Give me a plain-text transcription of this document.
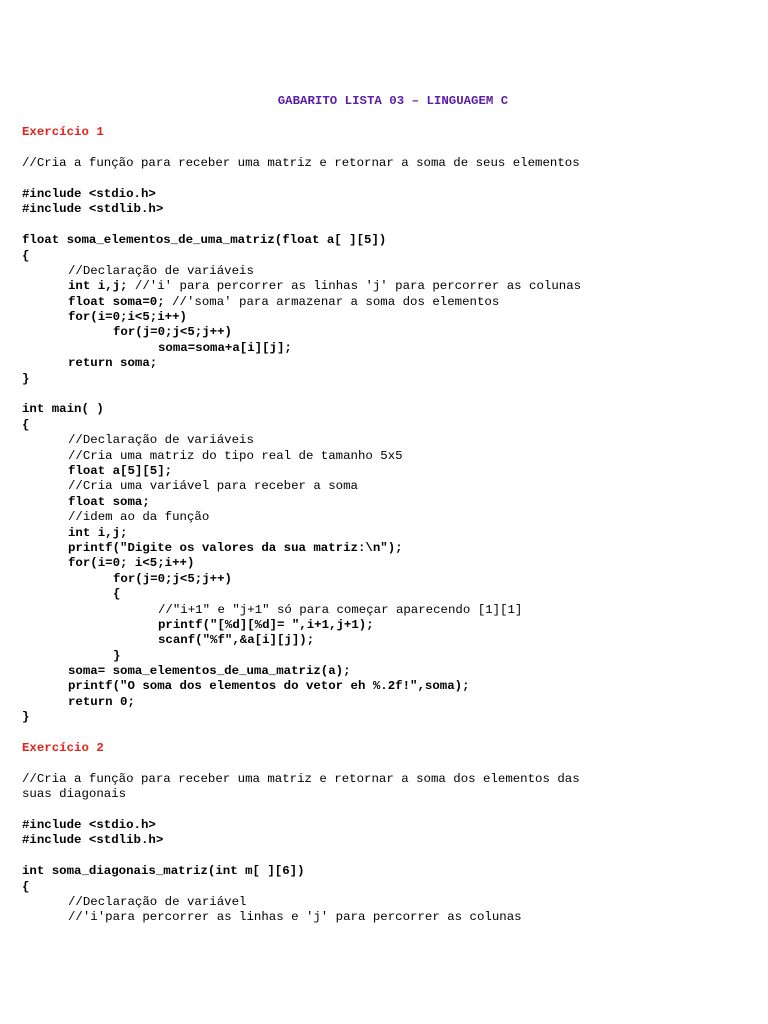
GABARITO LISTA 03 – LINGUAGEM C
Exercício 1
//Cria a função para receber uma matriz e retornar a soma de seus elementos
#include <stdio.h>
#include <stdlib.h>
float soma_elementos_de_uma_matriz(float a[ ][5])
{
//Declaração de variáveis
int i,j; //'i' para percorrer as linhas 'j' para percorrer as colunas
float soma=0; //'soma' para armazenar a soma dos elementos
for(i=0;i<5;i++)
for(j=0;j<5;j++)
soma=soma+a[i][j];
return soma;
}
int main( )
{
//Declaração de variáveis
//Cria uma matriz do tipo real de tamanho 5x5
float a[5][5];
//Cria uma variável para receber a soma
float soma;
//idem ao da função
int i,j;
printf("Digite os valores da sua matriz:\n");
for(i=0; i<5;i++)
for(j=0;j<5;j++)
{
//"i+1" e "j+1" só para começar aparecendo [1][1]
printf("[%d][%d]= ",i+1,j+1);
scanf("%f",&a[i][j]);
}
soma= soma_elementos_de_uma_matriz(a);
printf("O soma dos elementos do vetor eh %.2f!",soma);
return 0;
}
Exercício 2
//Cria a função para receber uma matriz e retornar a soma dos elementos das
suas diagonais
#include <stdio.h>
#include <stdlib.h>
int soma_diagonais_matriz(int m[ ][6])
{
//Declaração de variável
//'i'para percorrer as linhas e 'j' para percorrer as colunas
